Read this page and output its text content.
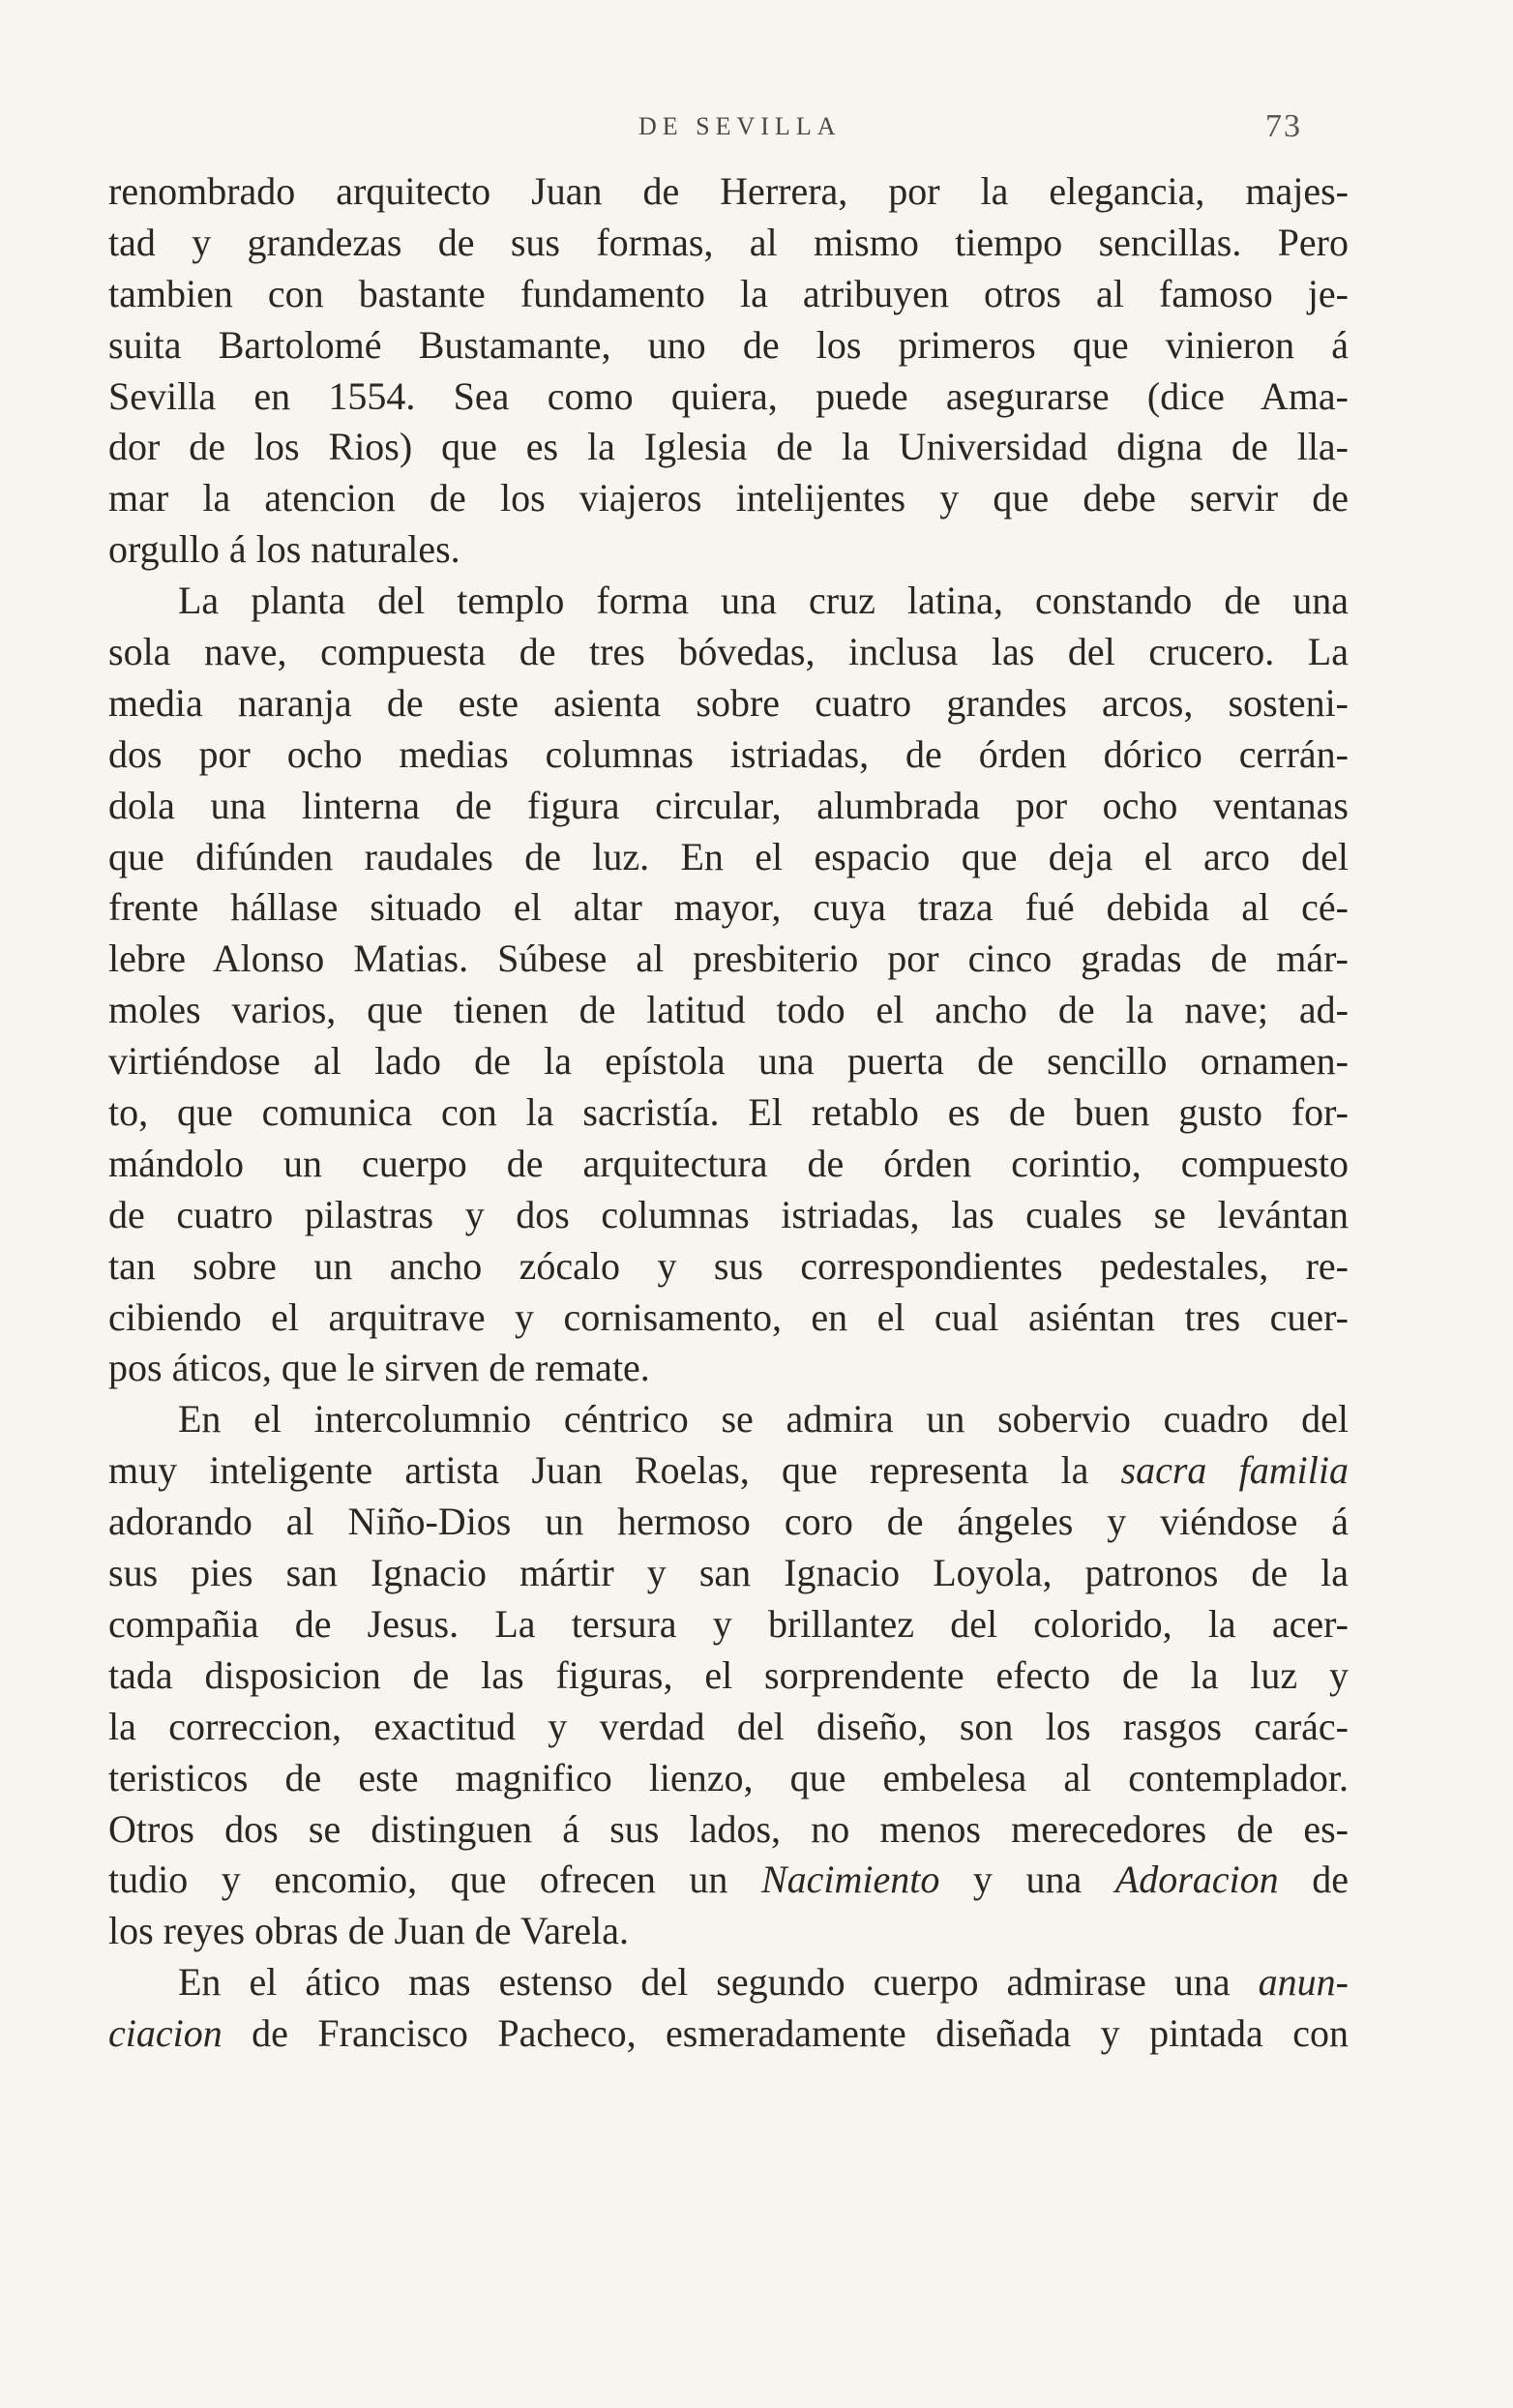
DE SEVILLA	73
renombrado arquitecto Juan de Herrera, por la elegancia, majes-
tad y grandezas de sus formas, al mismo tiempo sencillas. Pero
tambien con bastante fundamento la atribuyen otros al famoso je-
suita Bartolomé Bustamante, uno de los primeros que vinieron á
Sevilla en 1554. Sea como quiera, puede asegurarse (dice Ama-
dor de los Rios) que es la Iglesia de la Universidad digna de lla-
mar la atencion de los viajeros intelijentes y que debe servir de
orgullo á los naturales.
La planta del templo forma una cruz latina, constando de una
sola nave, compuesta de tres bóvedas, inclusa las del crucero. La
media naranja de este asienta sobre cuatro grandes arcos, sosteni-
dos por ocho medias columnas istriadas, de órden dórico cerrán-
dola una linterna de figura circular, alumbrada por ocho ventanas
que difúnden raudales de luz. En el espacio que deja el arco del
frente hállase situado el altar mayor, cuya traza fué debida al cé-
lebre Alonso Matias. Súbese al presbiterio por cinco gradas de már-
moles varios, que tienen de latitud todo el ancho de la nave; ad-
virtiéndose al lado de la epístola una puerta de sencillo ornamen-
to, que comunica con la sacristía. El retablo es de buen gusto for-
mándolo un cuerpo de arquitectura de órden corintio, compuesto
de cuatro pilastras y dos columnas istriadas, las cuales se levántan
tan sobre un ancho zócalo y sus correspondientes pedestales, re-
cibiendo el arquitrave y cornisamento, en el cual asiéntan tres cuer-
pos áticos, que le sirven de remate.
En el intercolumnio céntrico se admira un sobervio cuadro del
muy inteligente artista Juan Roelas, que representa la sacra familia
adorando al Niño-Dios un hermoso coro de ángeles y viéndose á
sus pies san Ignacio mártir y san Ignacio Loyola, patronos de la
compañia de Jesus. La tersura y brillantez del colorido, la acer-
tada disposicion de las figuras, el sorprendente efecto de la luz y
la correccion, exactitud y verdad del diseño, son los rasgos carác-
teristicos de este magnifico lienzo, que embelesa al contemplador.
Otros dos se distinguen á sus lados, no menos merecedores de es-
tudio y encomio, que ofrecen un Nacimiento y una Adoracion de
los reyes obras de Juan de Varela.
En el ático mas estenso del segundo cuerpo admirase una anun-
ciacion de Francisco Pacheco, esmeradamente diseñada y pintada con
